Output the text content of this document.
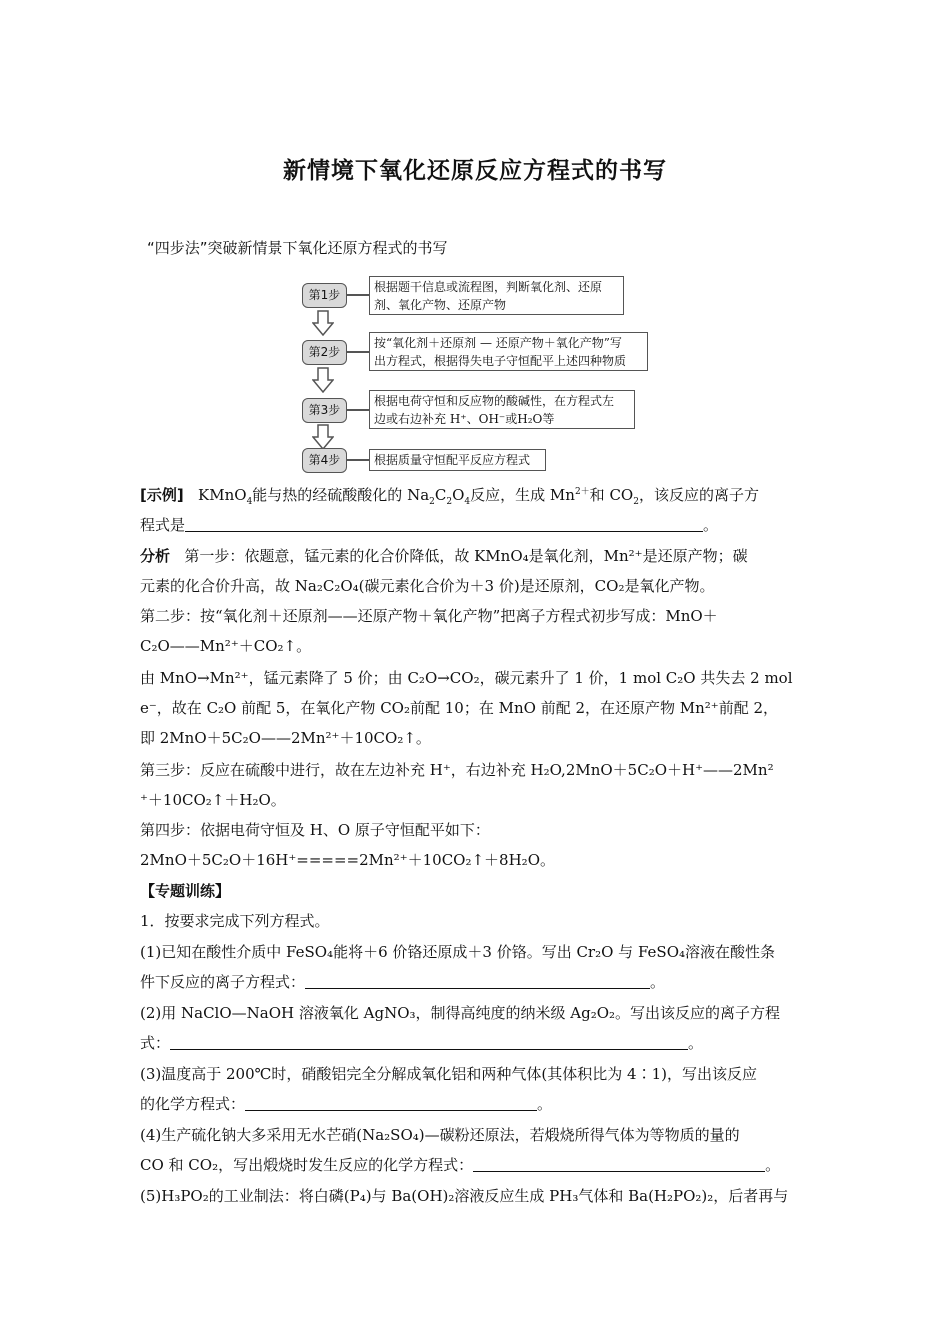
新情境下氧化还原反应方程式的书写
“四步法”突破新情景下氧化还原方程式的书写
第1步
根据题干信息或流程图，判断氧化剂、还原
剂、氧化产物、还原产物
第2步
按“氧化剂＋还原剂 — 还原产物＋氧化产物”写
出方程式，根据得失电子守恒配平上述四种物质
第3步
根据电荷守恒和反应物的酸碱性，在方程式左
边或右边补充 H⁺、OH⁻或H₂O等
第4步	根据质量守恒配平反应方程式
[示例] KMnO$_4$能与热的经硫酸酸化的 $Na_2C_2O_4$反应，生成 $Mn^{2+}$和 $CO_2$，该反应的离子方
程式是	。
分析 第一步：依题意，锰元素的化合价降低，故 KMnO₄是氧化剂，Mn²⁺是还原产物；碳
元素的化合价升高，故 Na₂C₂O₄(碳元素化合价为＋3 价)是还原剂，CO₂是氧化产物。
第二步：按“氧化剂＋还原剂——还原产物＋氧化产物”把离子方程式初步写成：MnO＋
C₂O——Mn²⁺＋CO₂↑。
由 MnO→Mn²⁺，锰元素降了 5 价；由 C₂O→CO₂，碳元素升了 1 价，1 mol C₂O 共失去 2 mol
e⁻，故在 C₂O 前配 5，在氧化产物 CO₂前配 10；在 MnO 前配 2，在还原产物 Mn²⁺前配 2，
即 2MnO＋5C₂O——2Mn²⁺＋10CO₂↑。
第三步：反应在硫酸中进行，故在左边补充 H⁺，右边补充 H₂O,2MnO＋5C₂O＋H⁺——2Mn²
⁺＋10CO₂↑＋H₂O。
第四步：依据电荷守恒及 H、O 原子守恒配平如下：
2MnO＋5C₂O＋16H⁺=====2Mn²⁺＋10CO₂↑＋8H₂O。
【专题训练】
1．按要求完成下列方程式。
(1)已知在酸性介质中 FeSO₄能将＋6 价铬还原成＋3 价铬。写出 Cr₂O 与 FeSO₄溶液在酸性条
件下反应的离子方程式：	。
(2)用 NaClO—NaOH 溶液氧化 AgNO₃，制得高纯度的纳米级 Ag₂O₂。写出该反应的离子方程
式：	。
(3)温度高于 200℃时，硝酸铝完全分解成氧化铝和两种气体(其体积比为 4∶1)，写出该反应
的化学方程式：	。
(4)生产硫化钠大多采用无水芒硝(Na₂SO₄)—碳粉还原法，若煅烧所得气体为等物质的量的
CO 和 CO₂，写出煅烧时发生反应的化学方程式：	。
(5)H₃PO₂的工业制法：将白磷(P₄)与 Ba(OH)₂溶液反应生成 PH₃气体和 Ba(H₂PO₂)₂，后者再与
